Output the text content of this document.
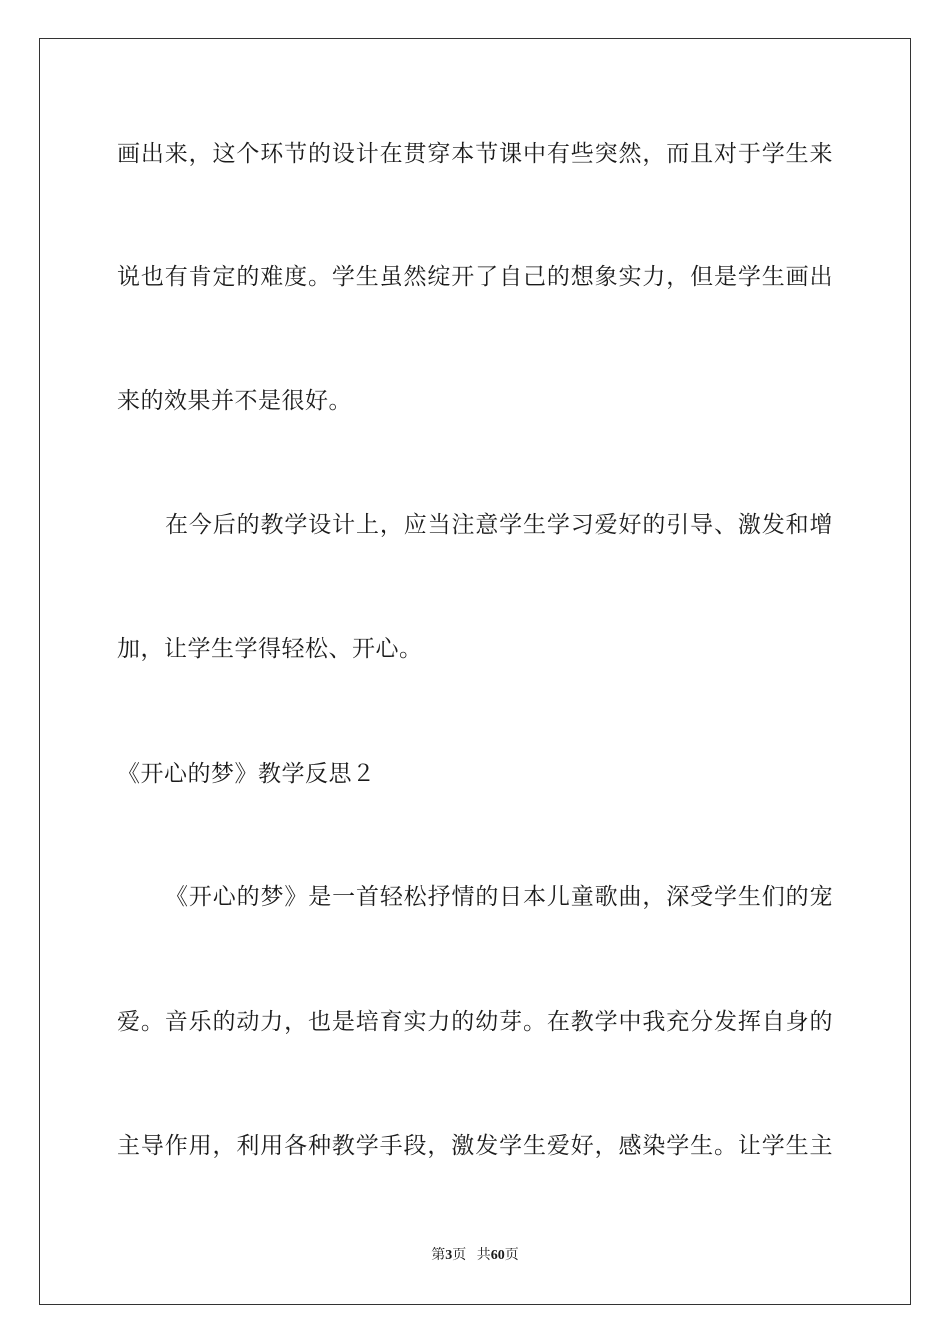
画出来，这个环节的设计在贯穿本节课中有些突然，而且对于学生来
说也有肯定的难度。学生虽然绽开了自己的想象实力，但是学生画出
来的效果并不是很好。
在今后的教学设计上，应当注意学生学习爱好的引导、激发和增
加，让学生学得轻松、开心。
《开心的梦》教学反思２
《开心的梦》是一首轻松抒情的日本儿童歌曲，深受学生们的宠
爱。音乐的动力，也是培育实力的幼芽。在教学中我充分发挥自身的
主导作用，利用各种教学手段，激发学生爱好，感染学生。让学生主
第3页 共60页
